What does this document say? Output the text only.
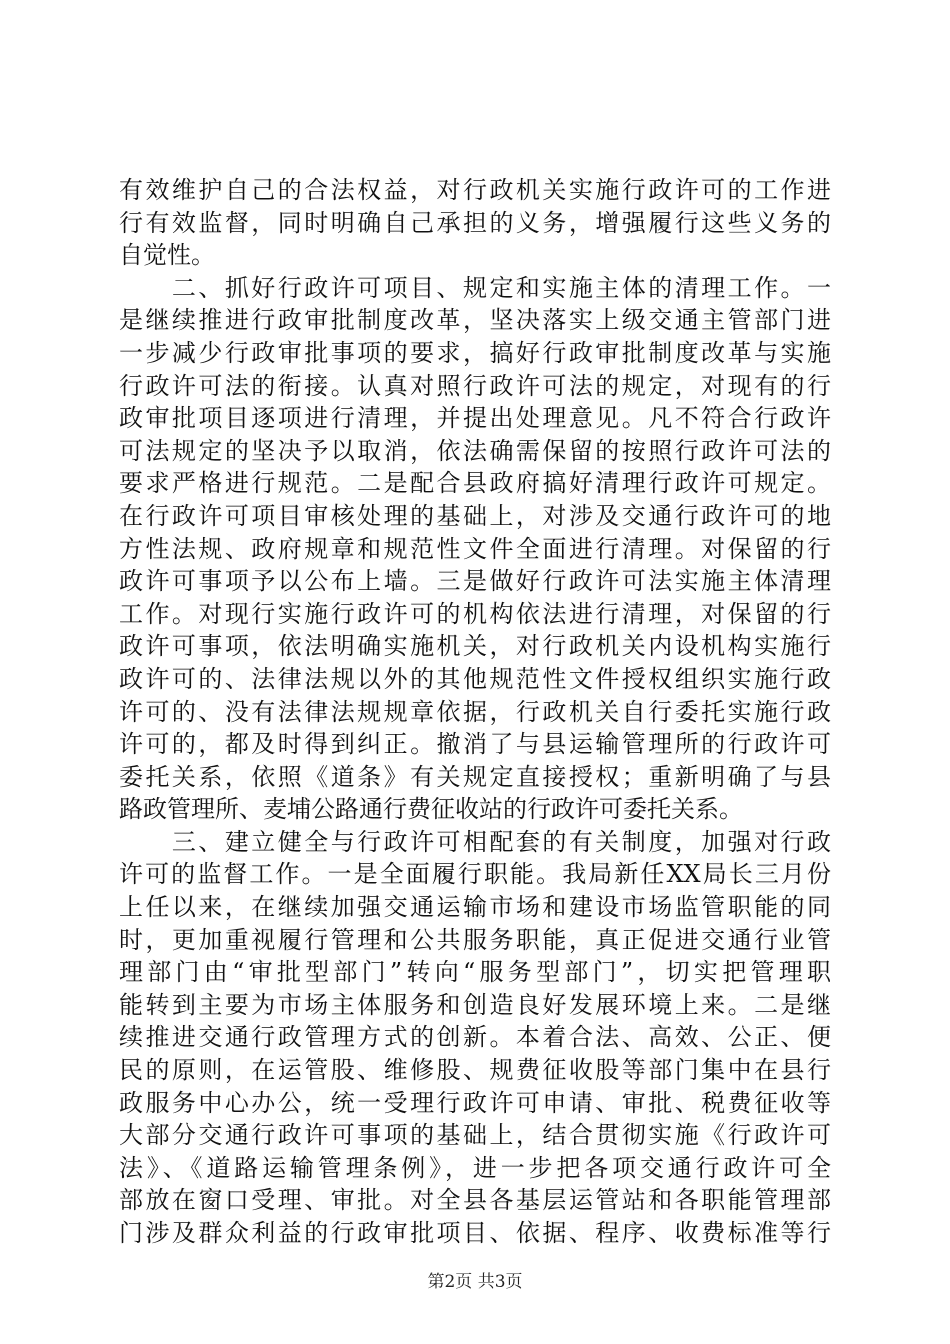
有效维护自己的合法权益，对行政机关实施行政许可的工作进
行有效监督，同时明确自己承担的义务，增强履行这些义务的
自觉性。
　　二、抓好行政许可项目、规定和实施主体的清理工作。一
是继续推进行政审批制度改革，坚决落实上级交通主管部门进
一步减少行政审批事项的要求，搞好行政审批制度改革与实施
行政许可法的衔接。认真对照行政许可法的规定，对现有的行
政审批项目逐项进行清理，并提出处理意见。凡不符合行政许
可法规定的坚决予以取消，依法确需保留的按照行政许可法的
要求严格进行规范。二是配合县政府搞好清理行政许可规定。
在行政许可项目审核处理的基础上，对涉及交通行政许可的地
方性法规、政府规章和规范性文件全面进行清理。对保留的行
政许可事项予以公布上墙。三是做好行政许可法实施主体清理
工作。对现行实施行政许可的机构依法进行清理，对保留的行
政许可事项，依法明确实施机关，对行政机关内设机构实施行
政许可的、法律法规以外的其他规范性文件授权组织实施行政
许可的、没有法律法规规章依据，行政机关自行委托实施行政
许可的，都及时得到纠正。撤消了与县运输管理所的行政许可
委托关系，依照《道条》有关规定直接授权；重新明确了与县
路政管理所、麦埔公路通行费征收站的行政许可委托关系。
　　三、建立健全与行政许可相配套的有关制度，加强对行政
许可的监督工作。一是全面履行职能。我局新任XX局长三月份
上任以来，在继续加强交通运输市场和建设市场监管职能的同
时，更加重视履行管理和公共服务职能，真正促进交通行业管
理部门由“审批型部门”转向“服务型部门”，切实把管理职
能转到主要为市场主体服务和创造良好发展环境上来。二是继
续推进交通行政管理方式的创新。本着合法、高效、公正、便
民的原则，在运管股、维修股、规费征收股等部门集中在县行
政服务中心办公，统一受理行政许可申请、审批、税费征收等
大部分交通行政许可事项的基础上，结合贯彻实施《行政许可
法》、《道路运输管理条例》，进一步把各项交通行政许可全
部放在窗口受理、审批。对全县各基层运管站和各职能管理部
门涉及群众利益的行政审批项目、依据、程序、收费标准等行
第2页 共3页
